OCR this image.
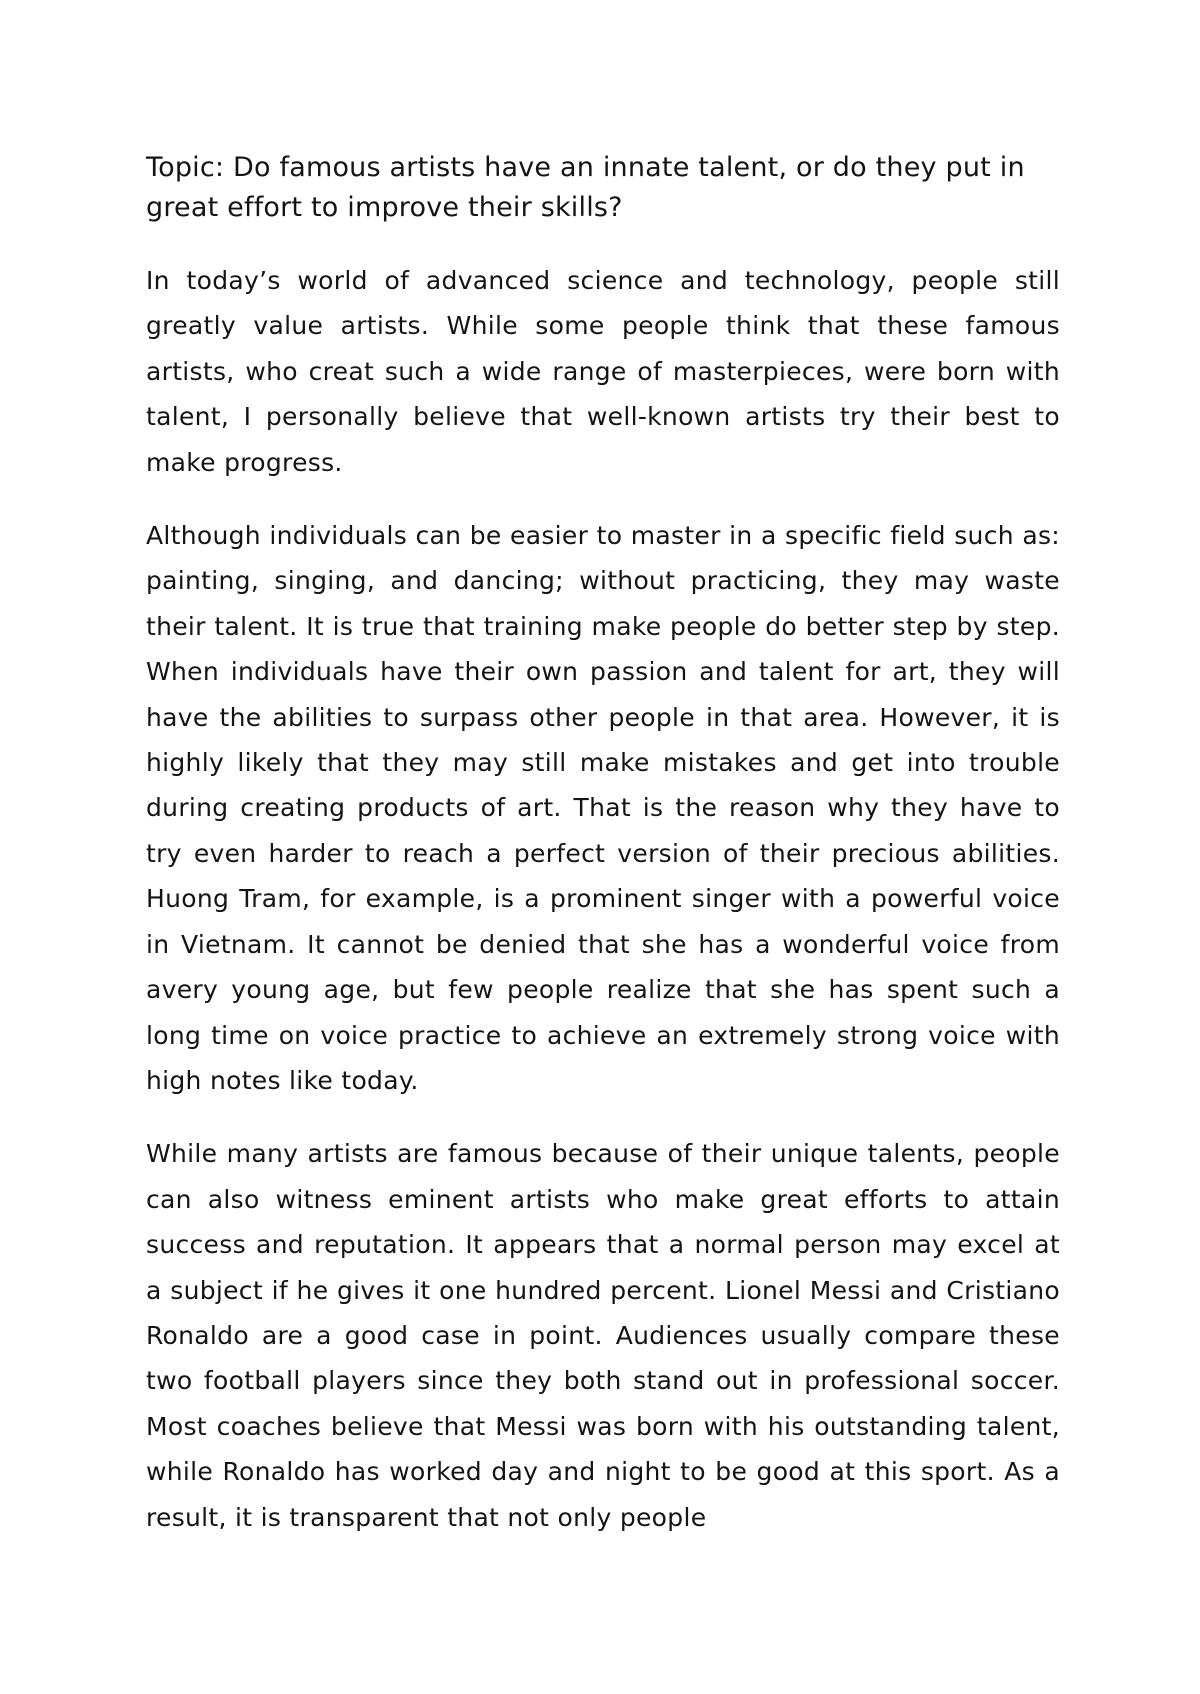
Topic: Do famous artists have an innate talent, or do they put in great effort to improve their skills?

In today’s world of advanced science and technology, people still greatly value artists. While some people think that these famous artists, who creat such a wide range of masterpieces, were born with talent, I personally believe that well-known artists try their best to make progress.

Although individuals can be easier to master in a specific field such as: painting, singing, and dancing; without practicing, they may waste their talent. It is true that training make people do better step by step. When individuals have their own passion and talent for art, they will have the abilities to surpass other people in that area. However, it is highly likely that they may still make mistakes and get into trouble during creating products of art. That is the reason why they have to try even harder to reach a perfect version of their precious abilities. Huong Tram, for example, is a prominent singer with a powerful voice in Vietnam. It cannot be denied that she has a wonderful voice from avery young age, but few people realize that she has spent such a long time on voice practice to achieve an extremely strong voice with high notes like today.

While many artists are famous because of their unique talents, people can also witness eminent artists who make great efforts to attain success and reputation. It appears that a normal person may excel at a subject if he gives it one hundred percent. Lionel Messi and Cristiano Ronaldo are a good case in point. Audiences usually compare these two football players since they both stand out in professional soccer. Most coaches believe that Messi was born with his outstanding talent, while Ronaldo has worked day and night to be good at this sport. As a result, it is transparent that not only people
